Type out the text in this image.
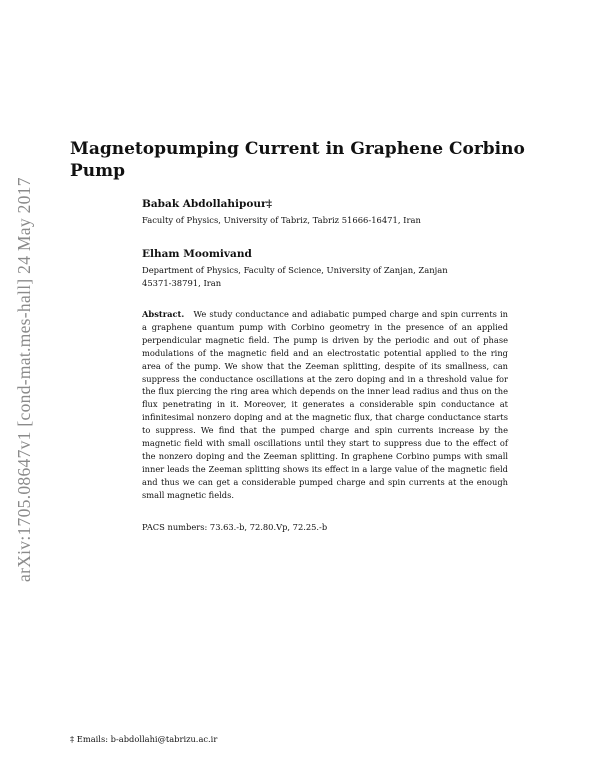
arXiv:1705.08647v1 [cond-mat.mes-hall] 24 May 2017
Magnetopumping Current in Graphene Corbino Pump
Babak Abdollahipour‡
Faculty of Physics, University of Tabriz, Tabriz 51666-16471, Iran
Elham Moomivand
Department of Physics, Faculty of Science, University of Zanjan, Zanjan
45371-38791, Iran

Abstract. We study conductance and adiabatic pumped charge and spin currents in a graphene quantum pump with Corbino geometry in the presence of an applied perpendicular magnetic field. The pump is driven by the periodic and out of phase modulations of the magnetic field and an electrostatic potential applied to the ring area of the pump. We show that the Zeeman splitting, despite of its smallness, can suppress the conductance oscillations at the zero doping and in a threshold value for the flux piercing the ring area which depends on the inner lead radius and thus on the flux penetrating in it. Moreover, it generates a considerable spin conductance at infinitesimal nonzero doping and at the magnetic flux, that charge conductance starts to suppress. We find that the pumped charge and spin currents increase by the magnetic field with small oscillations until they start to suppress due to the effect of the nonzero doping and the Zeeman splitting. In graphene Corbino pumps with small inner leads the Zeeman splitting shows its effect in a large value of the magnetic field and thus we can get a considerable pumped charge and spin currents at the enough small magnetic fields.

PACS numbers: 73.63.-b, 72.80.Vp, 72.25.-b
‡ Emails: b-abdollahi@tabrizu.ac.ir
